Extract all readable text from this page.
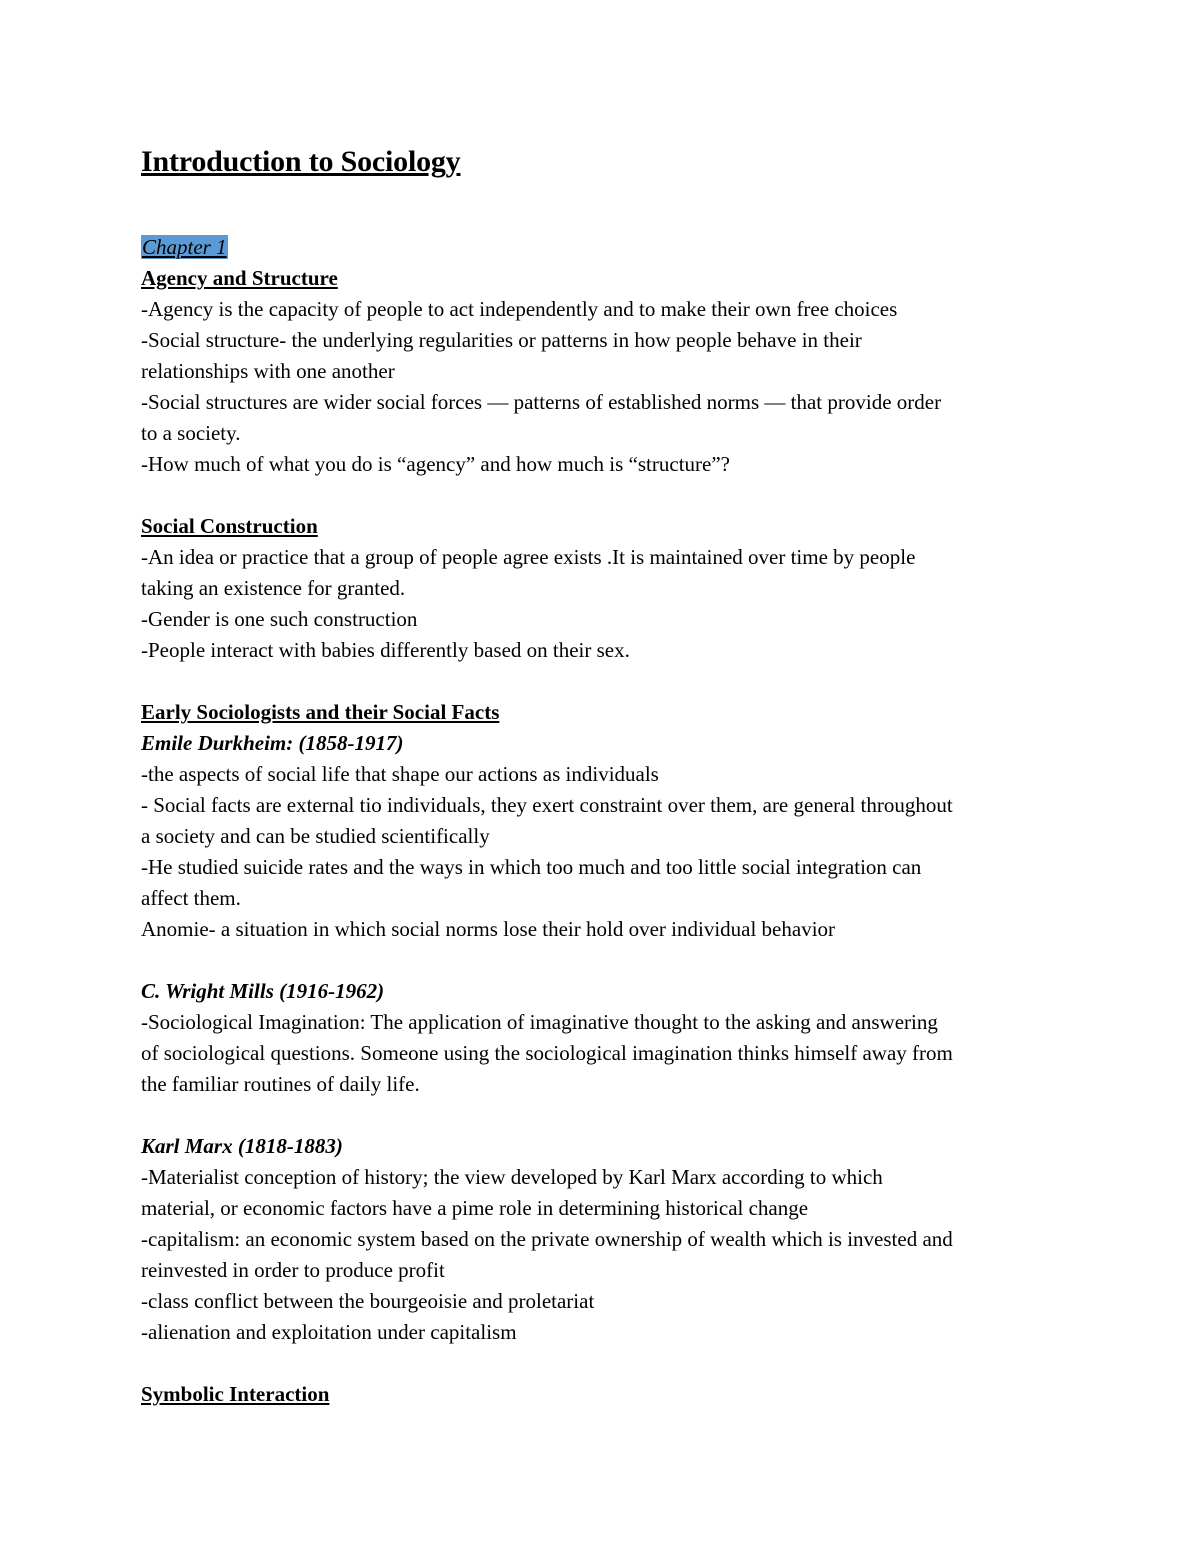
Introduction to Sociology

Chapter 1

Agency and Structure

-Agency is the capacity of people to act independently and to make their own free choices

-Social structure- the underlying regularities or patterns in how people behave in their

relationships with one another

-Social structures are wider social forces — patterns of established norms — that provide order

to a society.

-How much of what you do is “agency” and how much is “structure”?

Social Construction

-An idea or practice that a group of people agree exists .It is maintained over time by people

taking an existence for granted.

-Gender is one such construction

-People interact with babies differently based on their sex.

Early Sociologists and their Social Facts

Emile Durkheim: (1858-1917)

-the aspects of social life that shape our actions as individuals

- Social facts are external tio individuals, they exert constraint over them, are general throughout

a society and can be studied scientifically

-He studied suicide rates and the ways in which too much and too little social integration can

affect them.

Anomie- a situation in which social norms lose their hold over individual behavior

C. Wright Mills (1916-1962)

-Sociological Imagination: The application of imaginative thought to the asking and answering

of sociological questions. Someone using the sociological imagination thinks himself away from

the familiar routines of daily life.

Karl Marx (1818-1883)

-Materialist conception of history; the view developed by Karl Marx according to which

material, or economic factors have a pime role in determining historical change

-capitalism: an economic system based on the private ownership of wealth which is invested and

reinvested in order to produce profit

-class conflict between the bourgeoisie and proletariat

-alienation and exploitation under capitalism

Symbolic Interaction
